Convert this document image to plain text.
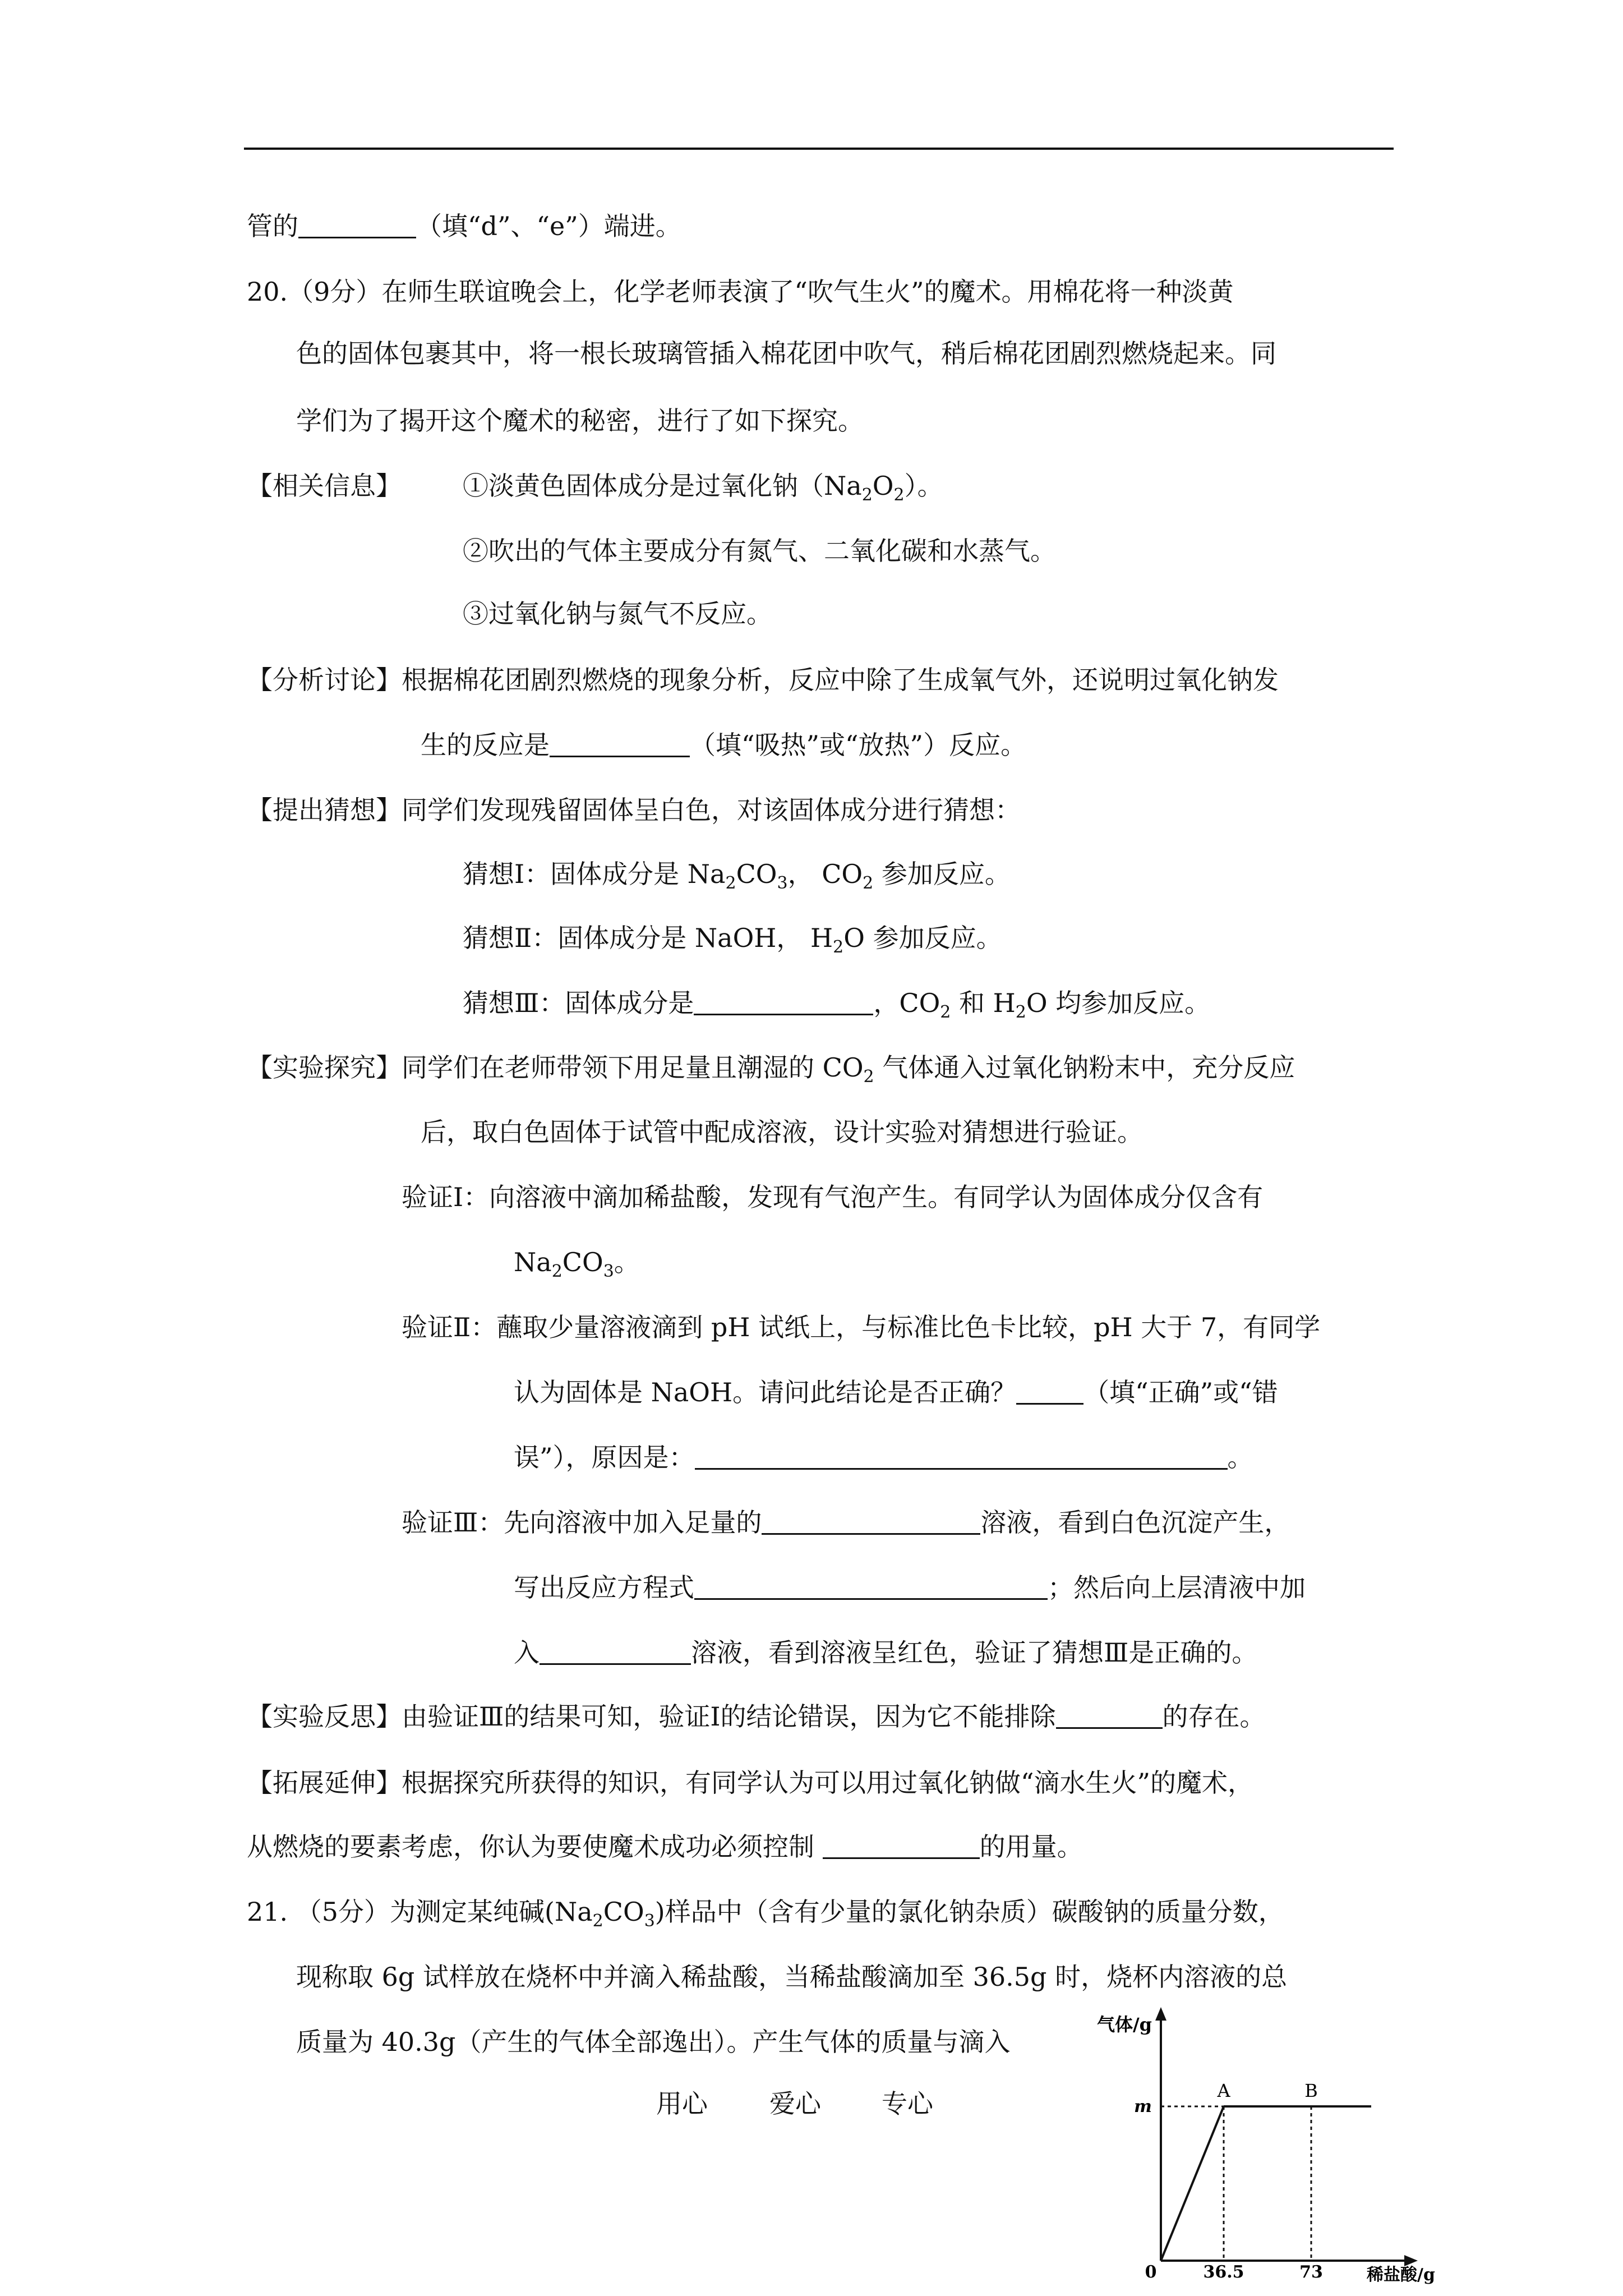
管的	（填“d”、“e”）端进。
20.（9分）在师生联谊晚会上，化学老师表演了“吹气生火”的魔术。用棉花将一种淡黄
色的固体包裹其中，将一根长玻璃管插入棉花团中吹气，稍后棉花团剧烈燃烧起来。同
学们为了揭开这个魔术的秘密，进行了如下探究。
【相关信息】 ①淡黄色固体成分是过氧化钠$(Na_2O_2)$。
②吹出的气体主要成分有氮气、二氧化碳和水蒸气。
③过氧化钠与氮气不反应。
【分析讨论】根据棉花团剧烈燃烧的现象分析，反应中除了生成氧气外，还说明过氧化钠发
生的反应是	（填“吸热”或“放热”）反应。
【提出猜想】同学们发现残留固体呈白色，对该固体成分进行猜想：
猜想Ⅰ：固体成分是 $Na_2CO_3$， $CO_2$ 参加反应。
猜想Ⅱ：固体成分是 NaOH， $H_2O$ 参加反应。
猜想Ⅲ：固体成分是	，$CO_2$ 和 $H_2O$ 均参加反应。
【实验探究】同学们在老师带领下用足量且潮湿的 $CO_2$ 气体通入过氧化钠粉末中，充分反应
后，取白色固体于试管中配成溶液，设计实验对猜想进行验证。
验证Ⅰ：向溶液中滴加稀盐酸，发现有气泡产生。有同学认为固体成分仅含有
$Na_2CO_3$。
验证Ⅱ：蘸取少量溶液滴到 pH 试纸上，与标准比色卡比较，pH 大于 7，有同学
认为固体是 NaOH。请问此结论是否正确？	（填“正确”或“错
误”），原因是：	。
验证Ⅲ：先向溶液中加入足量的	溶液，看到白色沉淀产生，
写出反应方程式	；然后向上层清液中加
入	溶液，看到溶液呈红色，验证了猜想Ⅲ是正确的。
【实验反思】由验证Ⅲ的结果可知，验证Ⅰ的结论错误，因为它不能排除	的存在。
【拓展延伸】根据探究所获得的知识，有同学认为可以用过氧化钠做“滴水生火”的魔术，
从燃烧的要素考虑，你认为要使魔术成功必须控制	的用量。
21. （5分）为测定某纯碱$(Na_2CO_3)$样品中（含有少量的氯化钠杂质）碳酸钠的质量分数，
现称取 6g 试样放在烧杯中并滴入稀盐酸，当稀盐酸滴加至 36.5g 时，烧杯内溶液的总
质量为 40.3g（产生的气体全部逸出）。产生气体的质量与滴入
用心 爱心 专心
气体/g
稀盐酸/g
0	36.5	73
m
A	B
